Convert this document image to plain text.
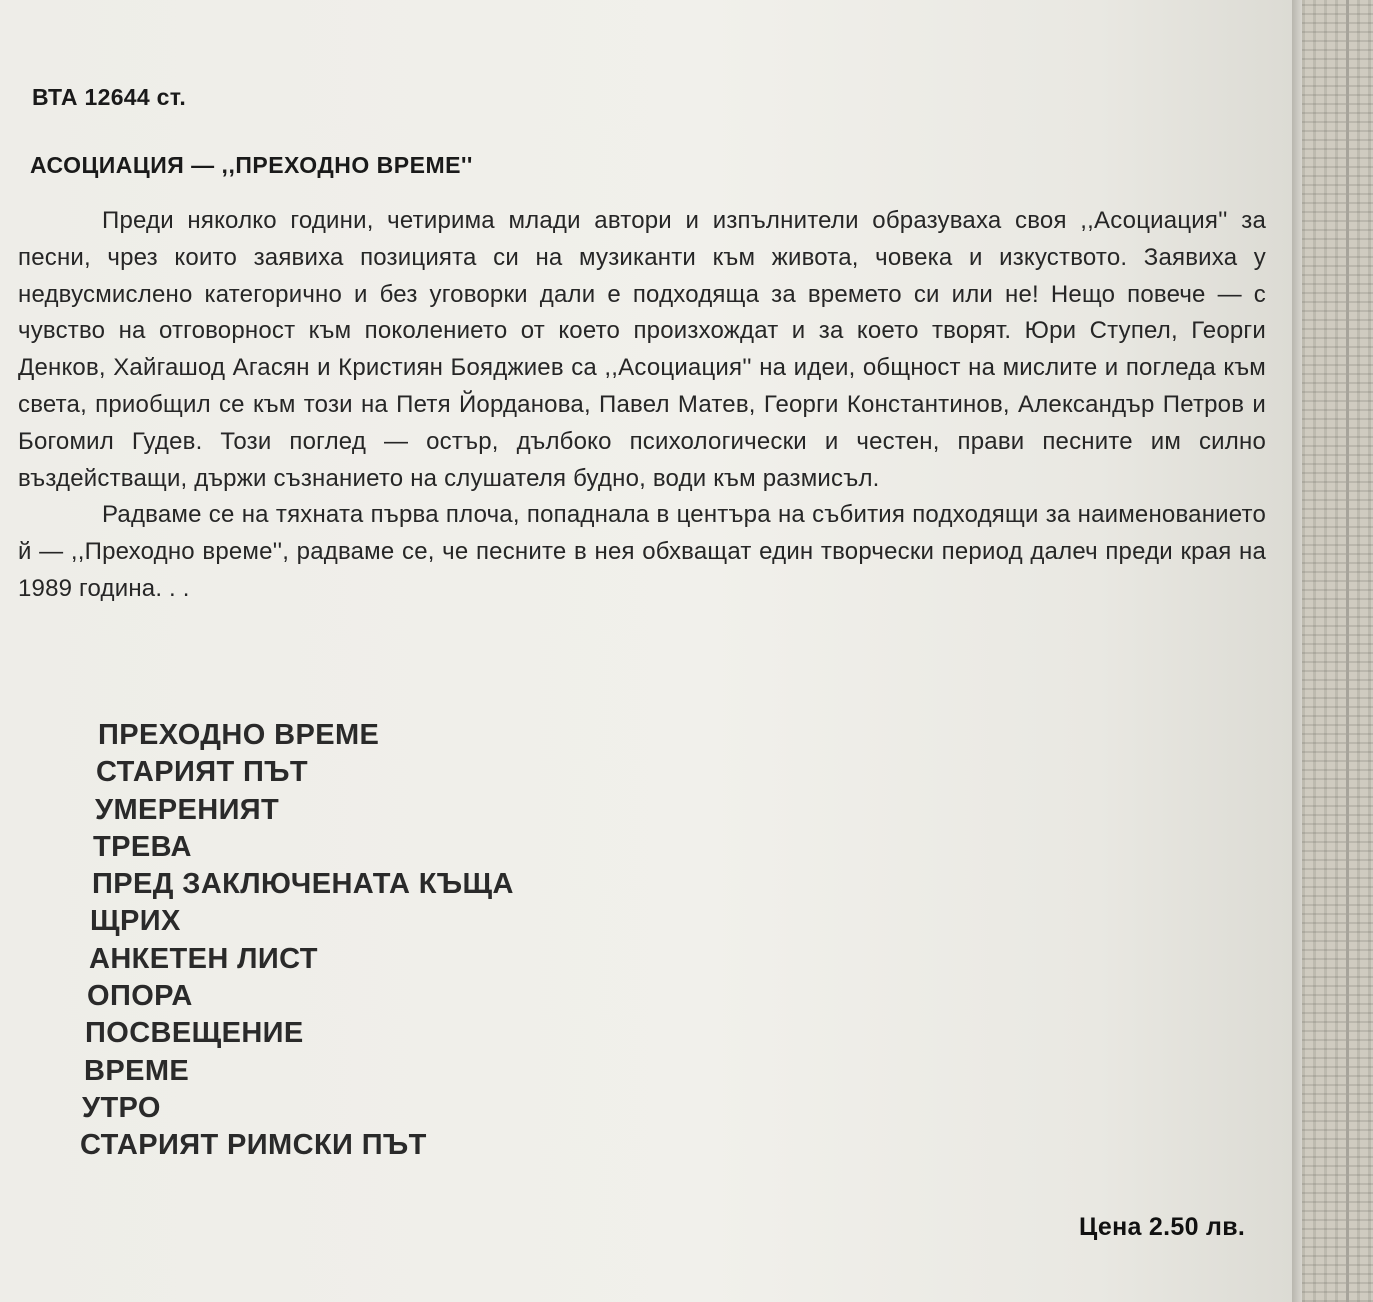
ВТА 12644 ст.
АСОЦИАЦИЯ — ,,ПРЕХОДНО ВРЕМЕ''

Преди няколко години, четирима млади автори и изпълнители образуваха своя ,,Асоциация'' за песни, чрез които заявиха позицията си на музиканти към живота, човека и изкуството. Заявиха у недвусмислено категорично и без уговорки дали е подходяща за времето си или не! Нещо повече — с чувство на отговорност към поколението от което произхождат и за което творят. Юри Ступел, Георги Денков, Хайгашод Агасян и Кристиян Бояджиев са ,,Асоциация'' на идеи, общност на мислите и погледа към света, приобщил се към този на Петя Йорданова, Павел Матев, Георги Константинов, Александър Петров и Богомил Гудев. Този поглед — остър, дълбоко психологически и честен, прави песните им силно въздействащи, държи съзнанието на слушателя будно, води към размисъл.

Радваме се на тяхната първа плоча, попаднала в центъра на събития подходящи за наименованието й — ,,Преходно време'', радваме се, че песните в нея обхващат един творчески период далеч преди края на 1989 година. . .

ПРЕХОДНО ВРЕМЕ
СТАРИЯТ ПЪТ
УМЕРЕНИЯТ
ТРЕВА
ПРЕД ЗАКЛЮЧЕНАТА КЪЩА
ЩРИХ
АНКЕТЕН ЛИСТ
ОПОРА
ПОСВЕЩЕНИЕ
ВРЕМЕ
УТРО
СТАРИЯТ РИМСКИ ПЪТ
Цена 2.50 лв.
